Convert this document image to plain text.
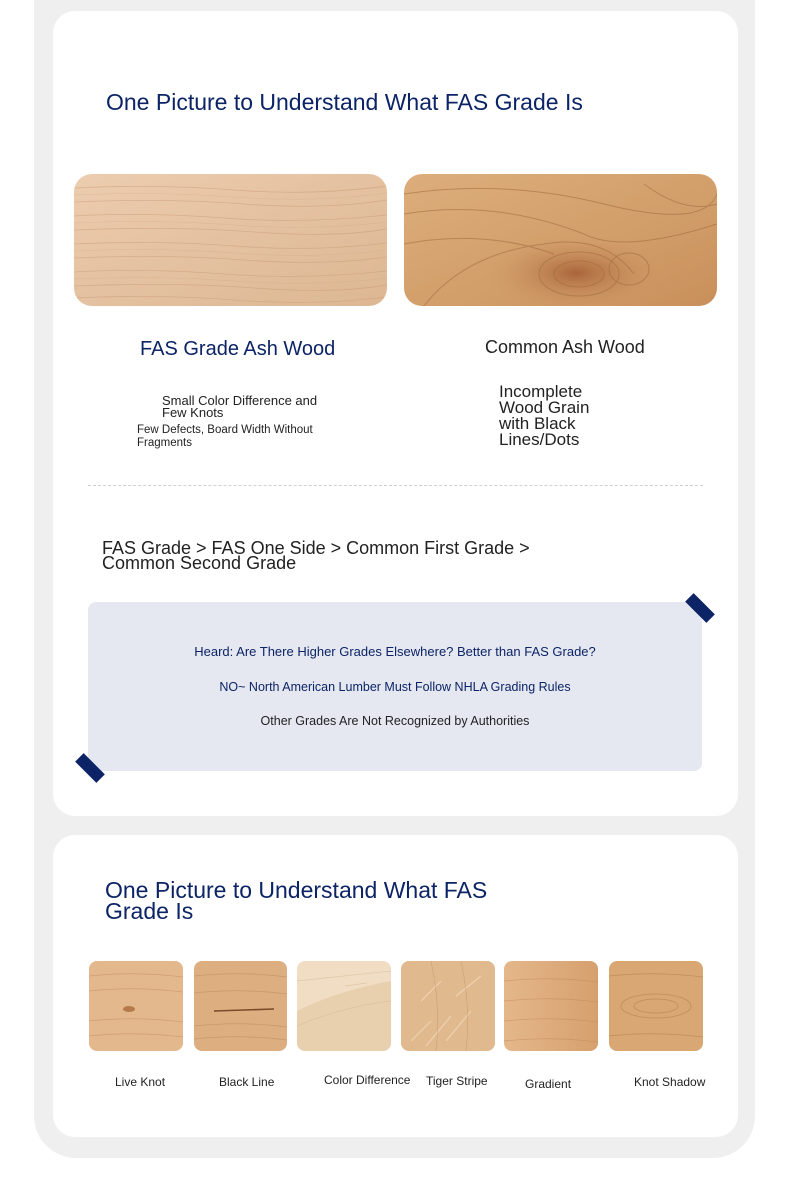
One Picture to Understand What FAS Grade Is
FAS Grade Ash Wood	Common Ash Wood
Small Color Difference and Few Knots
Few Defects, Board Width Without Fragments
Incomplete Wood Grain with Black Lines/Dots
FAS Grade > FAS One Side > Common First Grade > Common Second Grade
Heard: Are There Higher Grades Elsewhere? Better than FAS Grade?
NO~ North American Lumber Must Follow NHLA Grading Rules
Other Grades Are Not Recognized by Authorities
One Picture to Understand What FAS Grade Is
Live Knot	Black Line	Color Difference Tiger Stripe	Gradient	Knot Shadow
